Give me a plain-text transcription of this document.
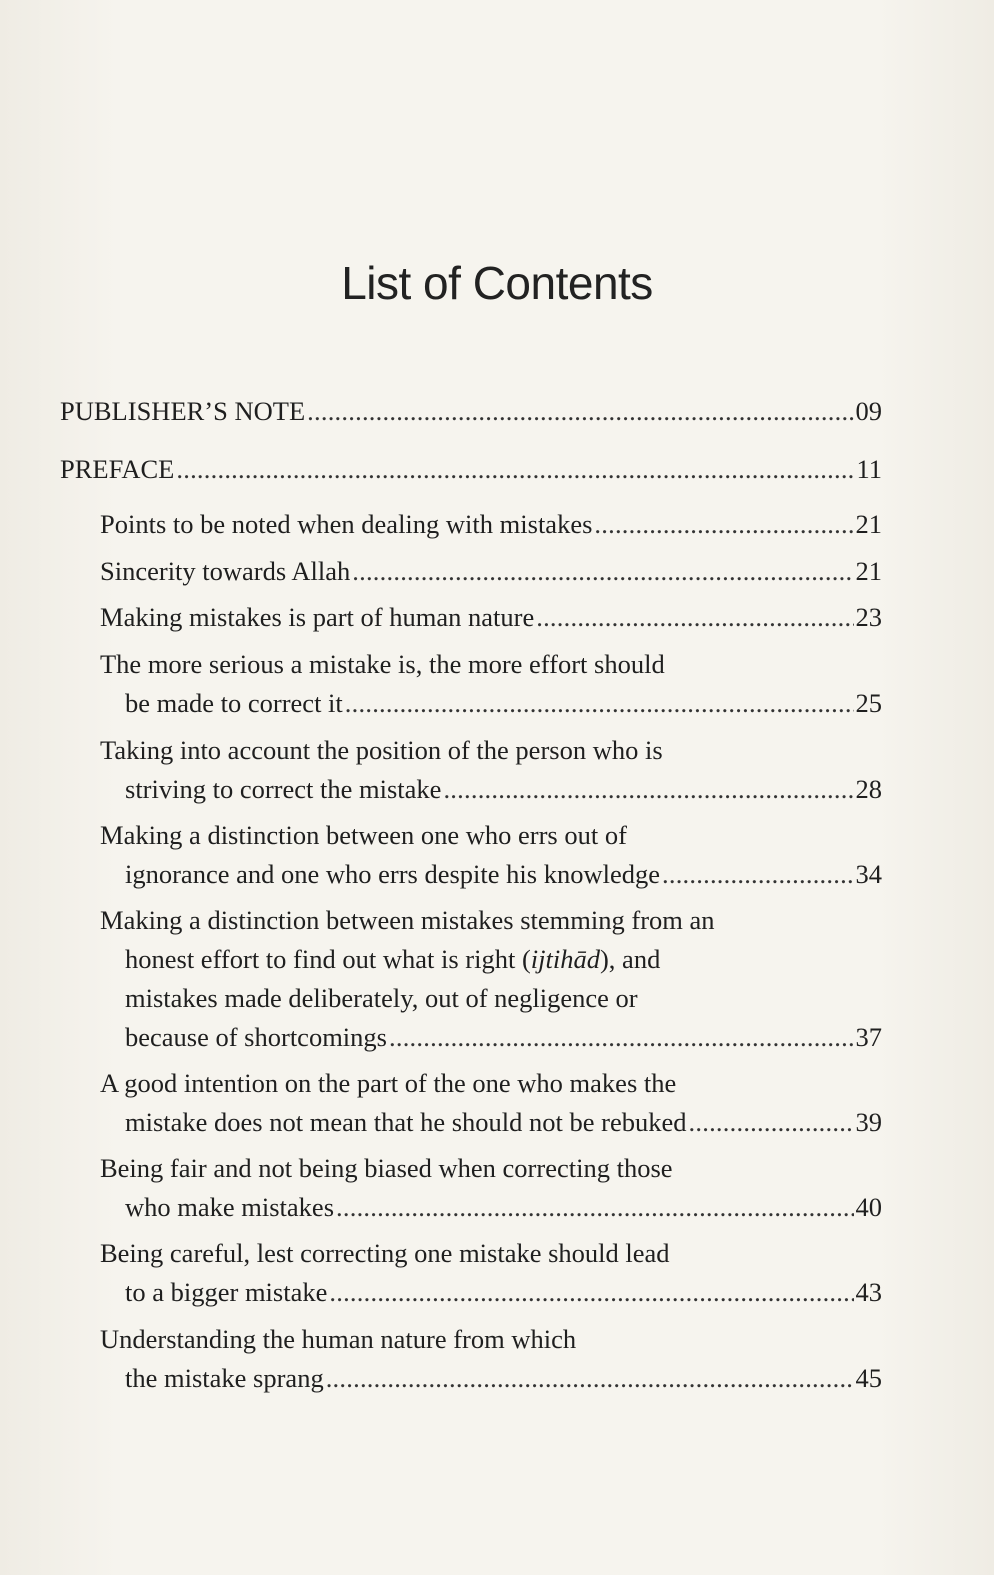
List of Contents
PUBLISHER’S NOTE . . .	09
PREFACE . . .	11
Points to be noted when dealing with mistakes . . .	21
Sincerity towards Allah . . .	21
Making mistakes is part of human nature . . .	23
The more serious a mistake is, the more effort should
be made to correct it . . .	25
Taking into account the position of the person who is
striving to correct the mistake . . .	28
Making a distinction between one who errs out of
ignorance and one who errs despite his knowledge . . .	34
Making a distinction between mistakes stemming from an
honest effort to find out what is right (ijtihād), and
mistakes made deliberately, out of negligence or
because of shortcomings . . .	37
A good intention on the part of the one who makes the
mistake does not mean that he should not be rebuked . . .	39
Being fair and not being biased when correcting those
who make mistakes . . .	40
Being careful, lest correcting one mistake should lead
to a bigger mistake . . .	43
Understanding the human nature from which
the mistake sprang . . .	45
